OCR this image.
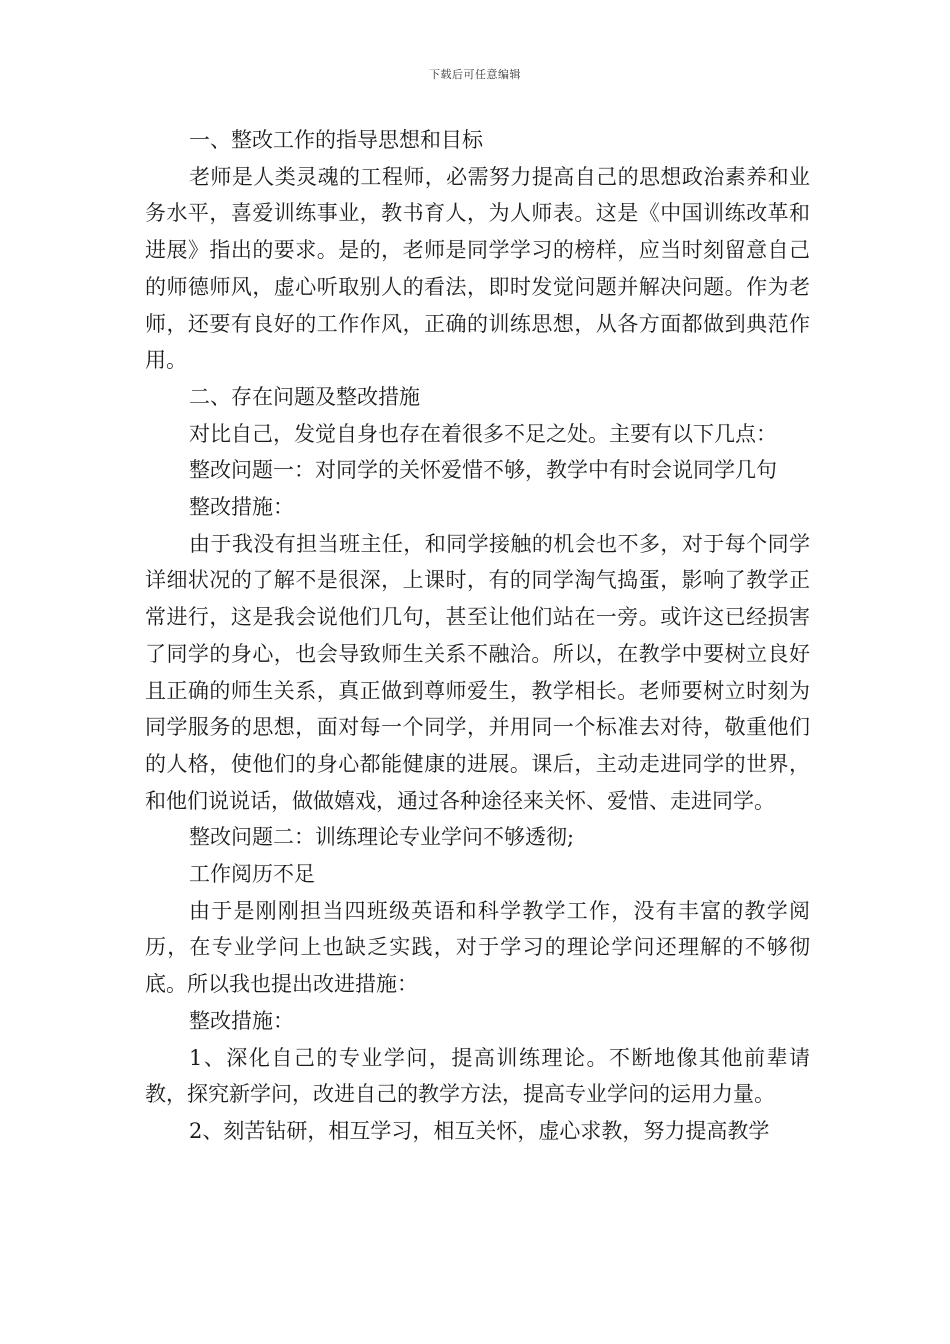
下载后可任意编辑

一、整改工作的指导思想和目标

老师是人类灵魂的工程师，必需努力提高自己的思想政治素养和业务水平，喜爱训练事业，教书育人，为人师表。这是《中国训练改革和进展》指出的要求。是的，老师是同学学习的榜样，应当时刻留意自己的师德师风，虚心听取别人的看法，即时发觉问题并解决问题。作为老师，还要有良好的工作作风，正确的训练思想，从各方面都做到典范作用。

二、存在问题及整改措施

对比自己，发觉自身也存在着很多不足之处。主要有以下几点：

整改问题一：对同学的关怀爱惜不够，教学中有时会说同学几句

整改措施：

由于我没有担当班主任，和同学接触的机会也不多，对于每个同学详细状况的了解不是很深，上课时，有的同学淘气捣蛋，影响了教学正常进行，这是我会说他们几句，甚至让他们站在一旁。或许这已经损害了同学的身心，也会导致师生关系不融洽。所以，在教学中要树立良好且正确的师生关系，真正做到尊师爱生，教学相长。老师要树立时刻为同学服务的思想，面对每一个同学，并用同一个标准去对待，敬重他们的人格，使他们的身心都能健康的进展。课后，主动走进同学的世界，和他们说说话，做做嬉戏，通过各种途径来关怀、爱惜、走进同学。

整改问题二：训练理论专业学问不够透彻;

工作阅历不足

由于是刚刚担当四班级英语和科学教学工作，没有丰富的教学阅历，在专业学问上也缺乏实践，对于学习的理论学问还理解的不够彻底。所以我也提出改进措施：

整改措施：

1、深化自己的专业学问，提高训练理论。不断地像其他前辈请教，探究新学问，改进自己的教学方法，提高专业学问的运用力量。

2、刻苦钻研，相互学习，相互关怀，虚心求教，努力提高教学
